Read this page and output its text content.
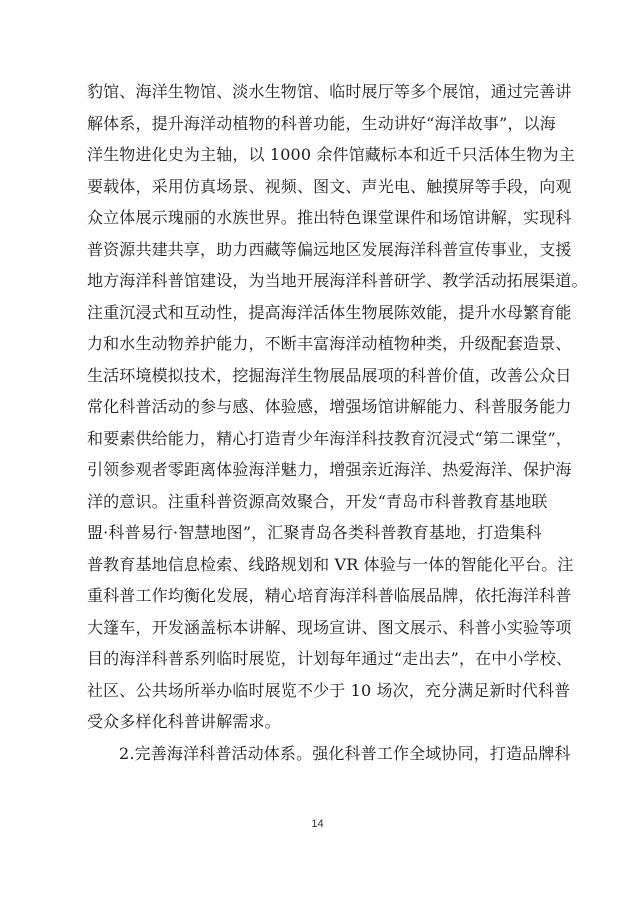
豹馆、海洋生物馆、淡水生物馆、临时展厅等多个展馆，通过完善讲
解体系，提升海洋动植物的科普功能，生动讲好“海洋故事”，以海
洋生物进化史为主轴，以 1000 余件馆藏标本和近千只活体生物为主
要载体，采用仿真场景、视频、图文、声光电、触摸屏等手段，向观
众立体展示瑰丽的水族世界。推出特色课堂课件和场馆讲解，实现科
普资源共建共享，助力西藏等偏远地区发展海洋科普宣传事业，支援
地方海洋科普馆建设，为当地开展海洋科普研学、教学活动拓展渠道。
注重沉浸式和互动性，提高海洋活体生物展陈效能，提升水母繁育能
力和水生动物养护能力，不断丰富海洋动植物种类，升级配套造景、
生活环境模拟技术，挖掘海洋生物展品展项的科普价值，改善公众日
常化科普活动的参与感、体验感，增强场馆讲解能力、科普服务能力
和要素供给能力，精心打造青少年海洋科技教育沉浸式“第二课堂”，
引领参观者零距离体验海洋魅力，增强亲近海洋、热爱海洋、保护海
洋的意识。注重科普资源高效聚合，开发“青岛市科普教育基地联
盟·科普易行·智慧地图”，汇聚青岛各类科普教育基地，打造集科
普教育基地信息检索、线路规划和 VR 体验与一体的智能化平台。注
重科普工作均衡化发展，精心培育海洋科普临展品牌，依托海洋科普
大篷车，开发涵盖标本讲解、现场宣讲、图文展示、科普小实验等项
目的海洋科普系列临时展览，计划每年通过“走出去”，在中小学校、
社区、公共场所举办临时展览不少于 10 场次，充分满足新时代科普
受众多样化科普讲解需求。
2.完善海洋科普活动体系。强化科普工作全域协同，打造品牌科
14
